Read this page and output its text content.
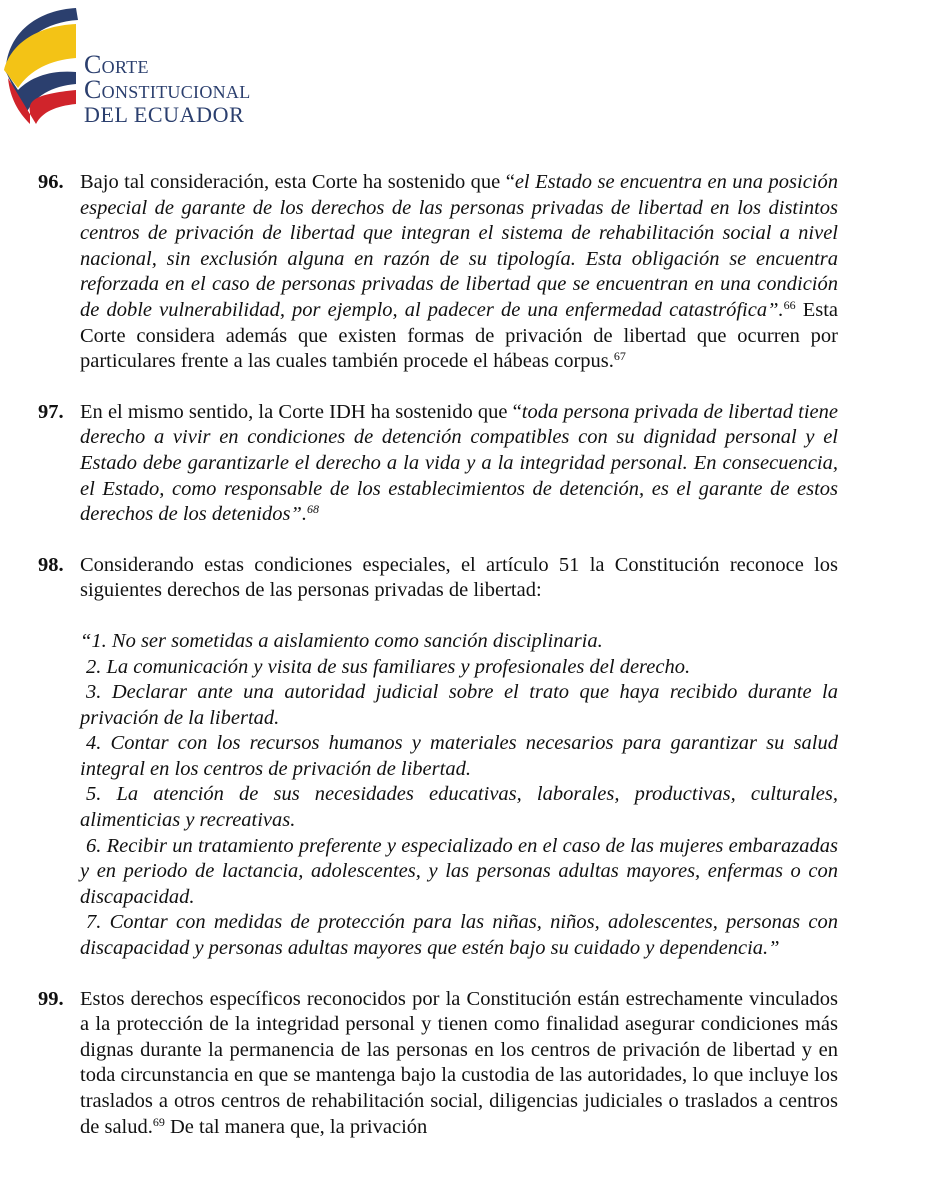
Corte
Constitucional
DEL ECUADOR
96. Bajo tal consideración, esta Corte ha sostenido que “el Estado se encuentra en una posición especial de garante de los derechos de las personas privadas de libertad en los distintos centros de privación de libertad que integran el sistema de rehabilitación social a nivel nacional, sin exclusión alguna en razón de su tipología. Esta obligación se encuentra reforzada en el caso de personas privadas de libertad que se encuentran en una condición de doble vulnerabilidad, por ejemplo, al padecer de una enfermedad catastrófica”.$^{66}$ Esta Corte considera además que existen formas de privación de libertad que ocurren por particulares frente a las cuales también procede el hábeas corpus.$^{67}$
97. En el mismo sentido, la Corte IDH ha sostenido que “toda persona privada de libertad tiene derecho a vivir en condiciones de detención compatibles con su dignidad personal y el Estado debe garantizarle el derecho a la vida y a la integridad personal. En consecuencia, el Estado, como responsable de los establecimientos de detención, es el garante de estos derechos de los detenidos”.$^{68}$
98. Considerando estas condiciones especiales, el artículo 51 la Constitución reconoce los siguientes derechos de las personas privadas de libertad:
“1. No ser sometidas a aislamiento como sanción disciplinaria.
2. La comunicación y visita de sus familiares y profesionales del derecho.
3. Declarar ante una autoridad judicial sobre el trato que haya recibido durante la privación de la libertad.
4. Contar con los recursos humanos y materiales necesarios para garantizar su salud integral en los centros de privación de libertad.
5. La atención de sus necesidades educativas, laborales, productivas, culturales, alimenticias y recreativas.
6. Recibir un tratamiento preferente y especializado en el caso de las mujeres embarazadas y en periodo de lactancia, adolescentes, y las personas adultas mayores, enfermas o con discapacidad.
7. Contar con medidas de protección para las niñas, niños, adolescentes, personas con discapacidad y personas adultas mayores que estén bajo su cuidado y dependencia.”
99. Estos derechos específicos reconocidos por la Constitución están estrechamente vinculados a la protección de la integridad personal y tienen como finalidad asegurar condiciones más dignas durante la permanencia de las personas en los centros de privación de libertad y en toda circunstancia en que se mantenga bajo la custodia de las autoridades, lo que incluye los traslados a otros centros de rehabilitación social, diligencias judiciales o traslados a centros de salud.$^{69}$ De tal manera que, la privación
